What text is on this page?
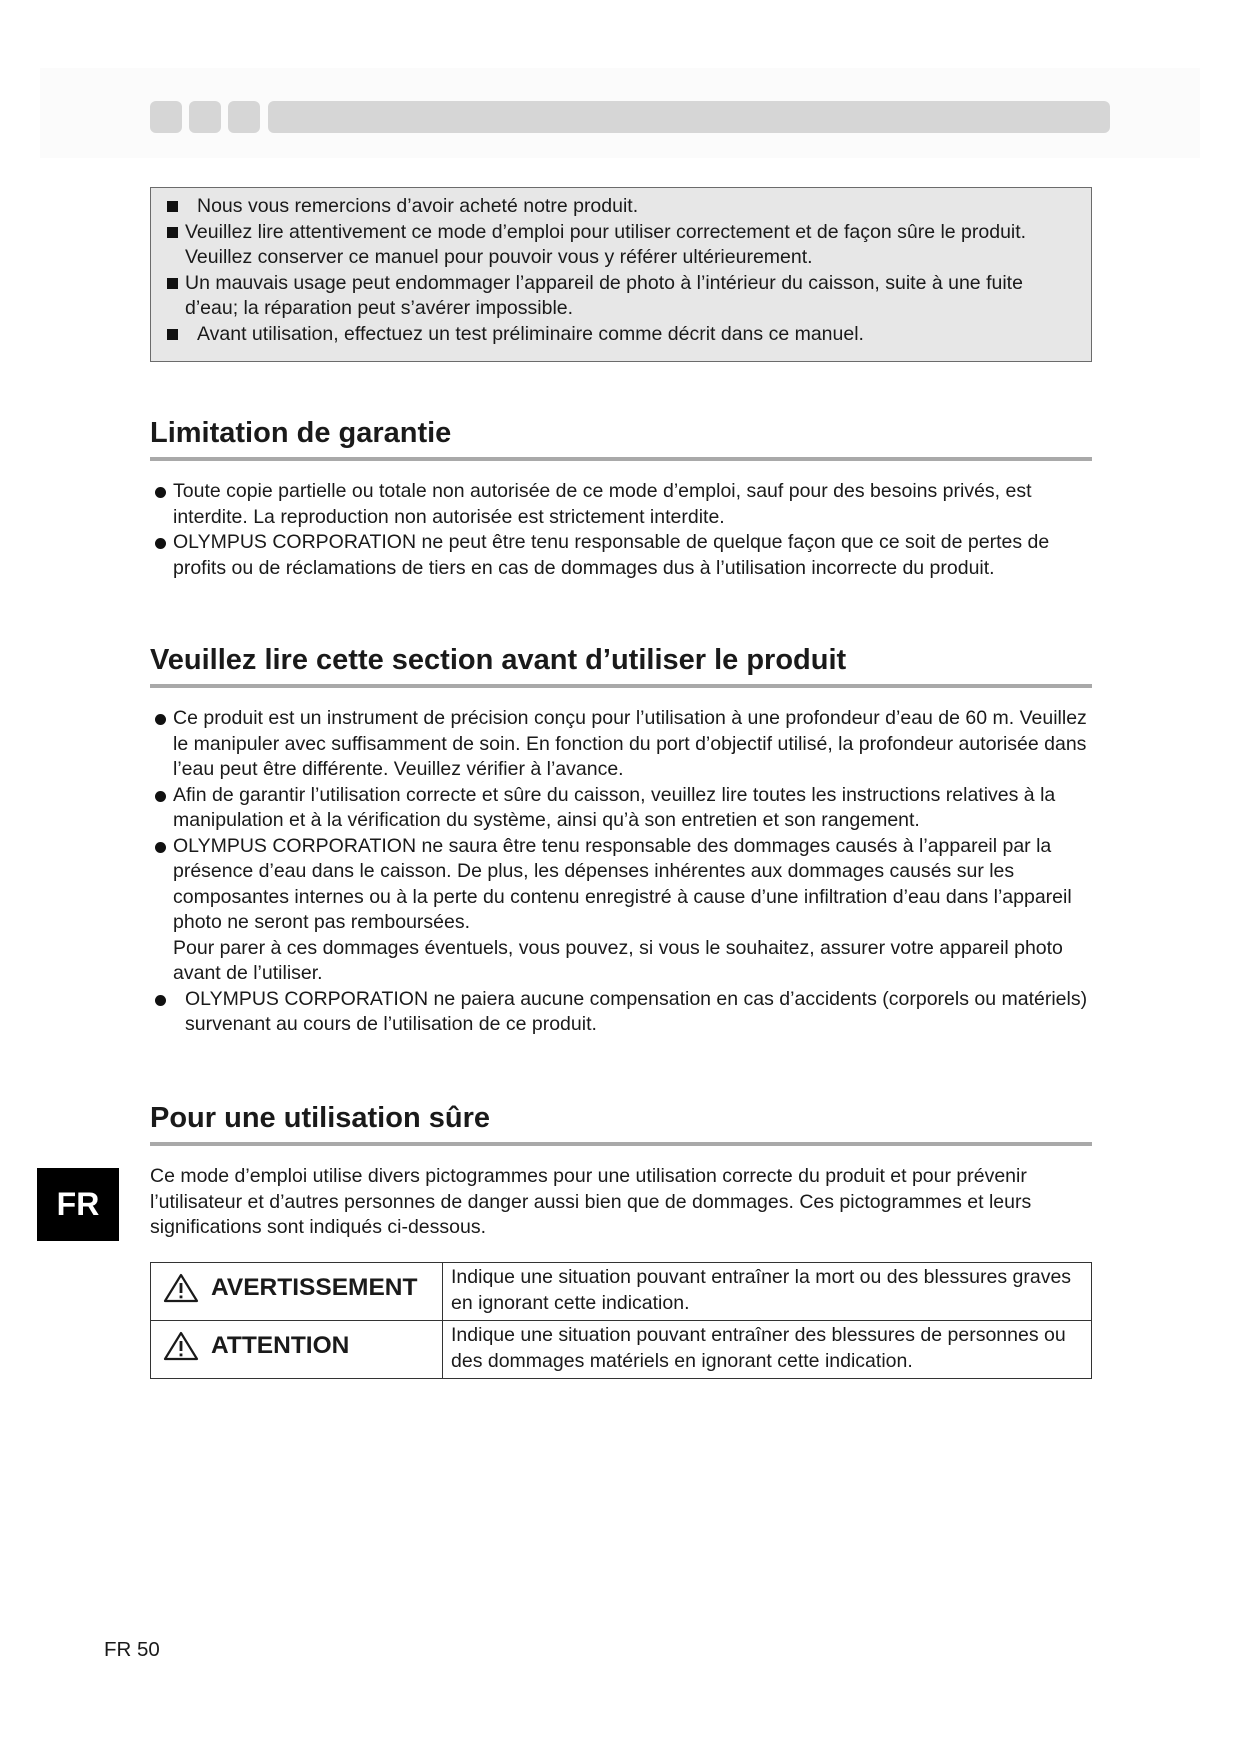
Nous vous remercions d’avoir acheté notre produit.
Veuillez lire attentivement ce mode d’emploi pour utiliser correctement et de façon sûre le produit. Veuillez conserver ce manuel pour pouvoir vous y référer ultérieurement.
Un mauvais usage peut endommager l’appareil de photo à l’intérieur du caisson, suite à une fuite d’eau; la réparation peut s’avérer impossible.
Avant utilisation, effectuez un test préliminaire comme décrit dans ce manuel.
Limitation de garantie

Toute copie partielle ou totale non autorisée de ce mode d’emploi, sauf pour des besoins privés, est interdite. La reproduction non autorisée est strictement interdite.

OLYMPUS CORPORATION ne peut être tenu responsable de quelque façon que ce soit de pertes de profits ou de réclamations de tiers en cas de dommages dus à l’utilisation incorrecte du produit.

Veuillez lire cette section avant d’utiliser le produit

Ce produit est un instrument de précision conçu pour l’utilisation à une profondeur d’eau de 60 m. Veuillez le manipuler avec suffisamment de soin. En fonction du port d’objectif utilisé, la profondeur autorisée dans l’eau peut être différente. Veuillez vérifier à l’avance.

Afin de garantir l’utilisation correcte et sûre du caisson, veuillez lire toutes les instructions relatives à la manipulation et à la vérification du système, ainsi qu’à son entretien et son rangement.

OLYMPUS CORPORATION ne saura être tenu responsable des dommages causés à l’appareil par la présence d’eau dans le caisson. De plus, les dépenses inhérentes aux dommages causés sur les composantes internes ou à la perte du contenu enregistré à cause d’une infiltration d’eau dans l’appareil photo ne seront pas remboursées.

Pour parer à ces dommages éventuels, vous pouvez, si vous le souhaitez, assurer votre appareil photo avant de l’utiliser.

OLYMPUS CORPORATION ne paiera aucune compensation en cas d’accidents (corporels ou matériels) survenant au cours de l’utilisation de ce produit.

Pour une utilisation sûre

Ce mode d’emploi utilise divers pictogrammes pour une utilisation correcte du produit et pour prévenir l’utilisateur et d’autres personnes de danger aussi bien que de dommages. Ces pictogrammes et leurs significations sont indiqués ci-dessous.

FR
AVERTISSEMENT	Indique une situation pouvant entraîner la mort ou des blessures graves en ignorant cette indication.

ATTENTION	Indique une situation pouvant entraîner des blessures de personnes ou des dommages matériels en ignorant cette indication.
FR 50
